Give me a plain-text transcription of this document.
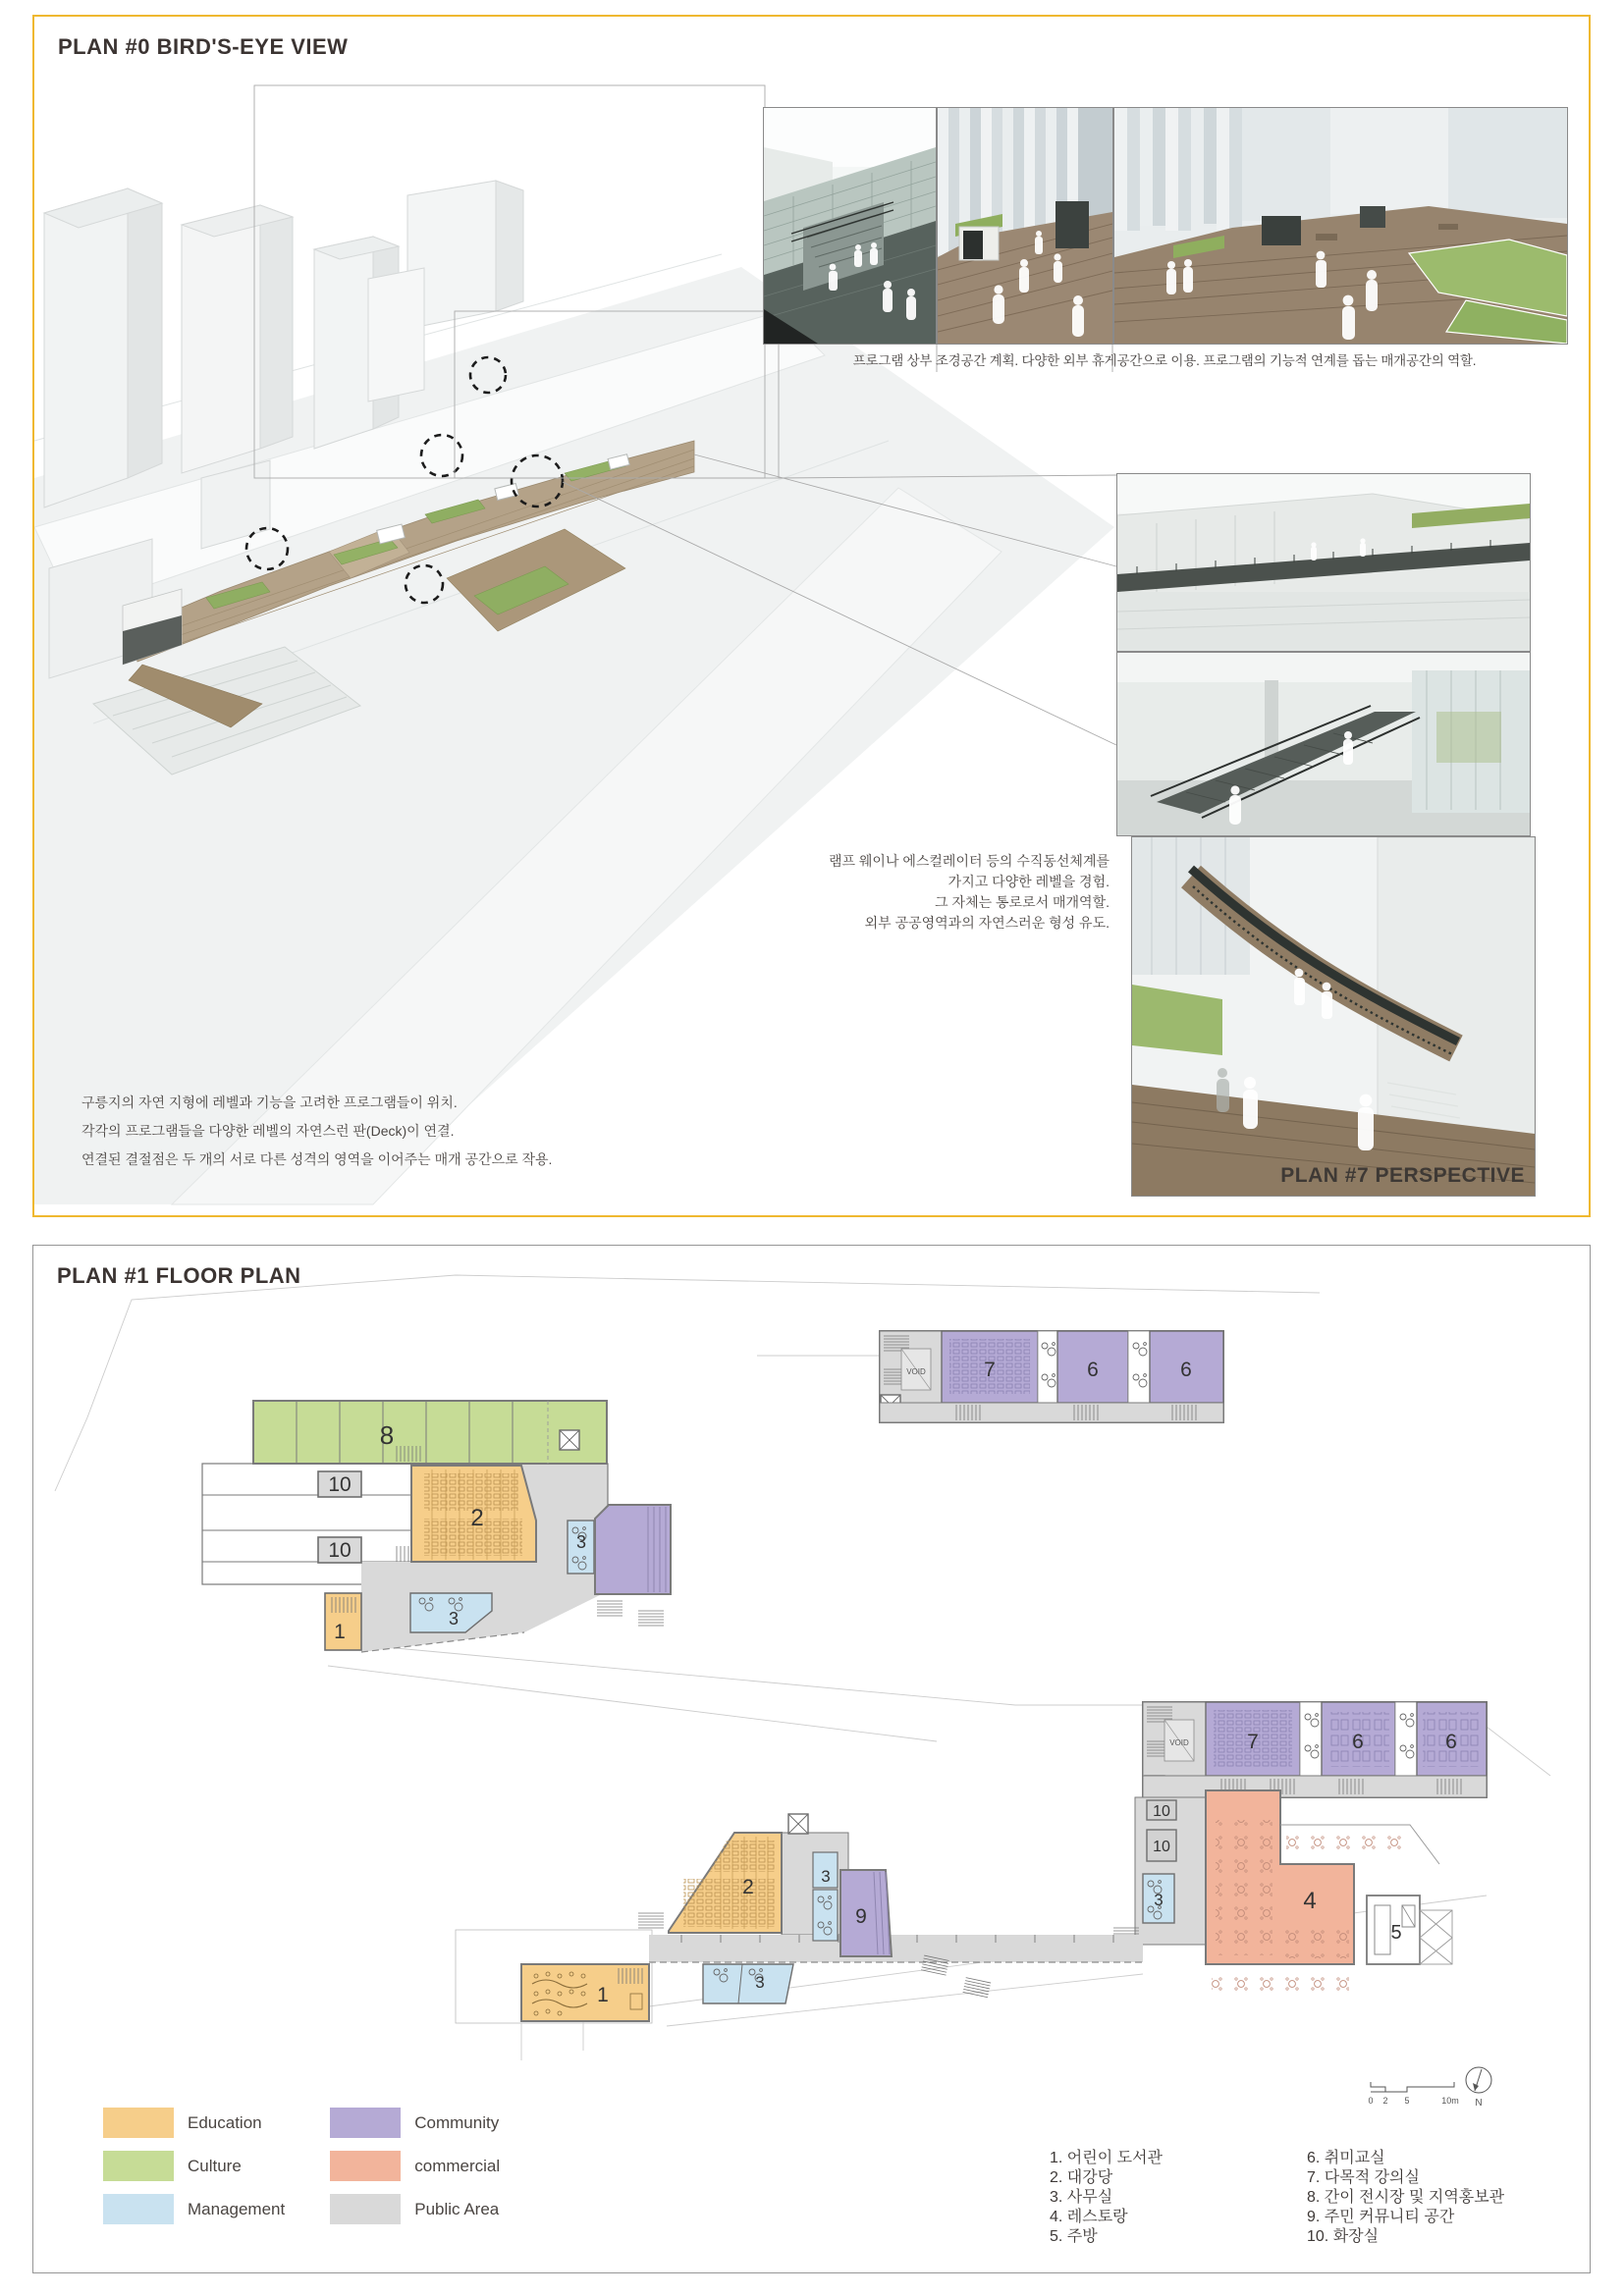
PLAN #0 BIRD'S-EYE VIEW
프로그램 상부 조경공간 계획. 다양한 외부 휴게공간으로 이용. 프로그램의 기능적 연계를 돕는 매개공간의 역할.
PLAN #7 PERSPECTIVE
램프 웨이나 에스컬레이터 등의 수직동선체계를
가지고 다양한 레벨을 경험.
그 자체는 통로로서 매개역할.
외부 공공영역과의 자연스러운 형성 유도.
구릉지의 자연 지형에 레벨과 기능을 고려한 프로그램들이 위치.
각각의 프로그램들을 다양한 레벨의 자연스런 판(Deck)이 연결.
연결된 결절점은 두 개의 서로 다른 성격의 영역을 이어주는 매개 공간으로 작용.
PLAN #1 FLOOR PLAN
8
10
10
2
3
1
3
VOID	7	6	6
VOID	7	6	6
10
10
3	4
5
2	3
9
1
3
0 2 5	10m N
Education
Culture
Management
Community
commercial
Public Area
1. 어린이 도서관
2. 대강당
3. 사무실
4. 레스토랑
5. 주방
6. 취미교실
7. 다목적 강의실
8. 간이 전시장 및 지역홍보관
9. 주민 커뮤니티 공간
10. 화장실
